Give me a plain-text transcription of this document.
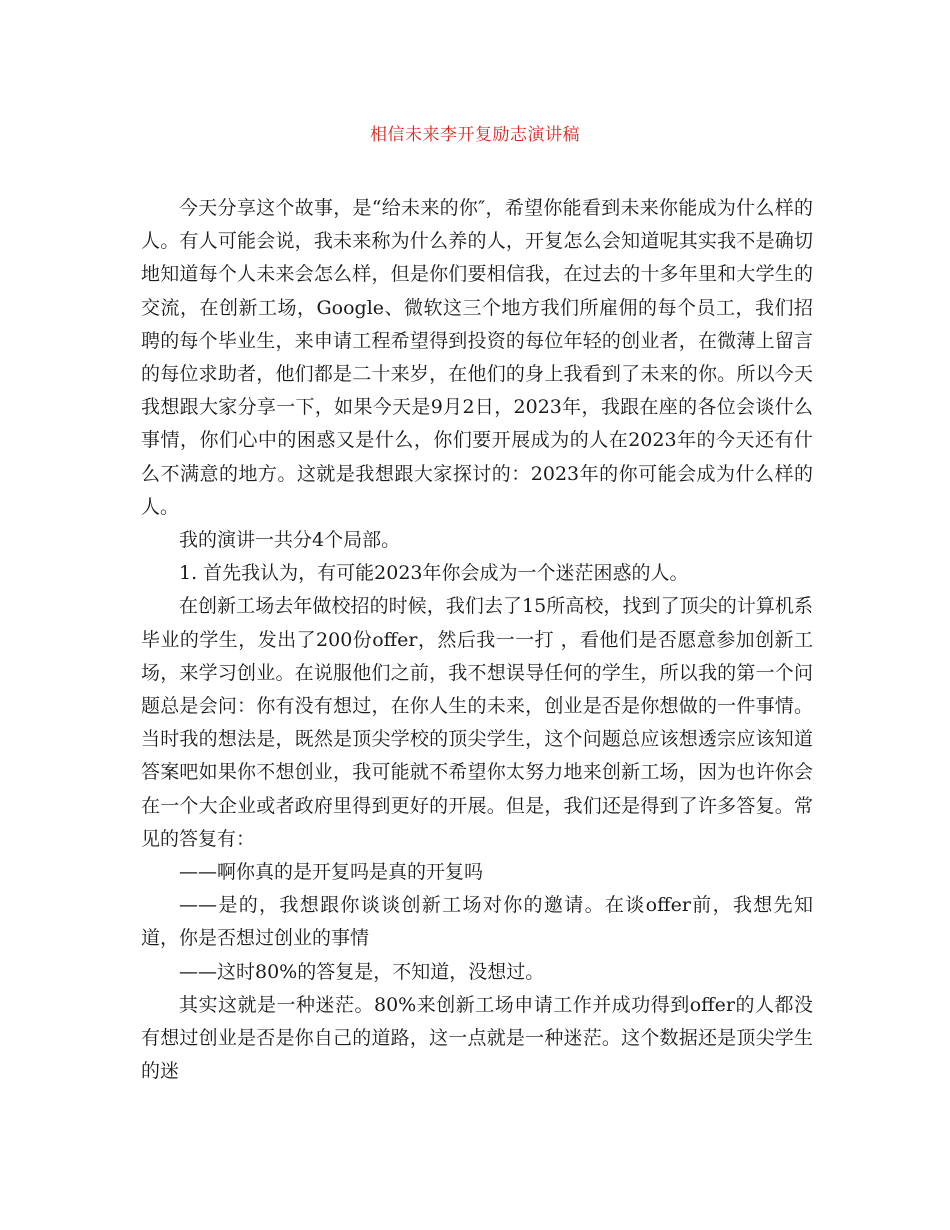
相信未来李开复励志演讲稿

今天分享这个故事，是“给未来的你″，希望你能看到未来你能成为什么样的人。有人可能会说，我未来称为什么养的人，开复怎么会知道呢其实我不是确切地知道每个人未来会怎么样，但是你们要相信我，在过去的十多年里和大学生的交流，在创新工场，Google、微软这三个地方我们所雇佣的每个员工，我们招聘的每个毕业生，来申请工程希望得到投资的每位年轻的创业者，在微薄上留言的每位求助者，他们都是二十来岁，在他们的身上我看到了未来的你。所以今天我想跟大家分享一下，如果今天是9月2日，2023年，我跟在座的各位会谈什么事情，你们心中的困惑又是什么，你们要开展成为的人在2023年的今天还有什么不满意的地方。这就是我想跟大家探讨的：2023年的你可能会成为什么样的人。

我的演讲一共分4个局部。

1. 首先我认为，有可能2023年你会成为一个迷茫困惑的人。

在创新工场去年做校招的时候，我们去了15所高校，找到了顶尖的计算机系毕业的学生，发出了200份offer，然后我一一打 ，看他们是否愿意参加创新工场，来学习创业。在说服他们之前，我不想误导任何的学生，所以我的第一个问题总是会问：你有没有想过，在你人生的未来，创业是否是你想做的一件事情。当时我的想法是，既然是顶尖学校的顶尖学生，这个问题总应该想透宗应该知道答案吧如果你不想创业，我可能就不希望你太努力地来创新工场，因为也许你会在一个大企业或者政府里得到更好的开展。但是，我们还是得到了许多答复。常见的答复有：

——啊你真的是开复吗是真的开复吗

——是的，我想跟你谈谈创新工场对你的邀请。在谈offer前，我想先知道，你是否想过创业的事情

——这时80%的答复是，不知道，没想过。

其实这就是一种迷茫。80%来创新工场申请工作并成功得到offer的人都没有想过创业是否是你自己的道路，这一点就是一种迷茫。这个数据还是顶尖学生的迷
